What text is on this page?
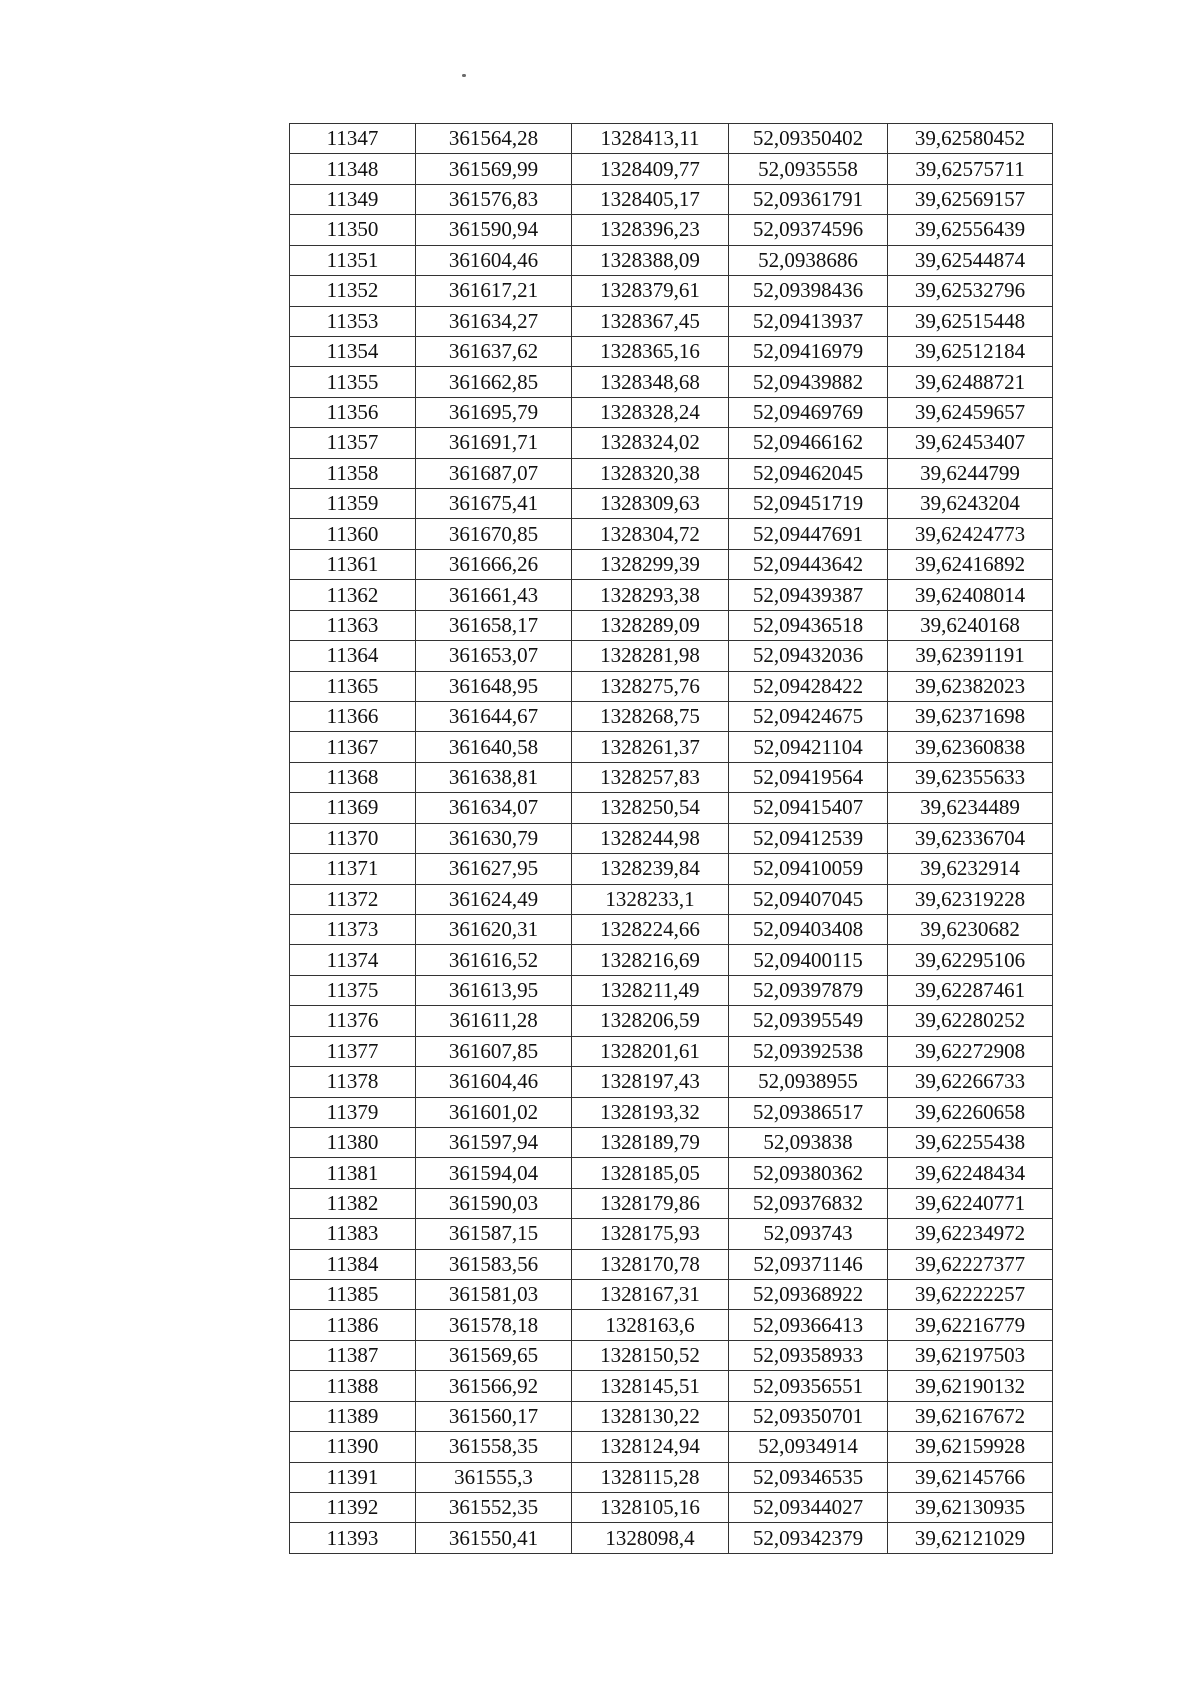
11347	361564,28	1328413,11	52,09350402	39,62580452
11348	361569,99	1328409,77	52,0935558	39,62575711
11349	361576,83	1328405,17	52,09361791	39,62569157
11350	361590,94	1328396,23	52,09374596	39,62556439
11351	361604,46	1328388,09	52,0938686	39,62544874
11352	361617,21	1328379,61	52,09398436	39,62532796
11353	361634,27	1328367,45	52,09413937	39,62515448
11354	361637,62	1328365,16	52,09416979	39,62512184
11355	361662,85	1328348,68	52,09439882	39,62488721
11356	361695,79	1328328,24	52,09469769	39,62459657
11357	361691,71	1328324,02	52,09466162	39,62453407
11358	361687,07	1328320,38	52,09462045	39,6244799
11359	361675,41	1328309,63	52,09451719	39,6243204
11360	361670,85	1328304,72	52,09447691	39,62424773
11361	361666,26	1328299,39	52,09443642	39,62416892
11362	361661,43	1328293,38	52,09439387	39,62408014
11363	361658,17	1328289,09	52,09436518	39,6240168
11364	361653,07	1328281,98	52,09432036	39,62391191
11365	361648,95	1328275,76	52,09428422	39,62382023
11366	361644,67	1328268,75	52,09424675	39,62371698
11367	361640,58	1328261,37	52,09421104	39,62360838
11368	361638,81	1328257,83	52,09419564	39,62355633
11369	361634,07	1328250,54	52,09415407	39,6234489
11370	361630,79	1328244,98	52,09412539	39,62336704
11371	361627,95	1328239,84	52,09410059	39,6232914
11372	361624,49	1328233,1	52,09407045	39,62319228
11373	361620,31	1328224,66	52,09403408	39,6230682
11374	361616,52	1328216,69	52,09400115	39,62295106
11375	361613,95	1328211,49	52,09397879	39,62287461
11376	361611,28	1328206,59	52,09395549	39,62280252
11377	361607,85	1328201,61	52,09392538	39,62272908
11378	361604,46	1328197,43	52,0938955	39,62266733
11379	361601,02	1328193,32	52,09386517	39,62260658
11380	361597,94	1328189,79	52,093838	39,62255438
11381	361594,04	1328185,05	52,09380362	39,62248434
11382	361590,03	1328179,86	52,09376832	39,62240771
11383	361587,15	1328175,93	52,093743	39,62234972
11384	361583,56	1328170,78	52,09371146	39,62227377
11385	361581,03	1328167,31	52,09368922	39,62222257
11386	361578,18	1328163,6	52,09366413	39,62216779
11387	361569,65	1328150,52	52,09358933	39,62197503
11388	361566,92	1328145,51	52,09356551	39,62190132
11389	361560,17	1328130,22	52,09350701	39,62167672
11390	361558,35	1328124,94	52,0934914	39,62159928
11391	361555,3	1328115,28	52,09346535	39,62145766
11392	361552,35	1328105,16	52,09344027	39,62130935
11393	361550,41	1328098,4	52,09342379	39,62121029
